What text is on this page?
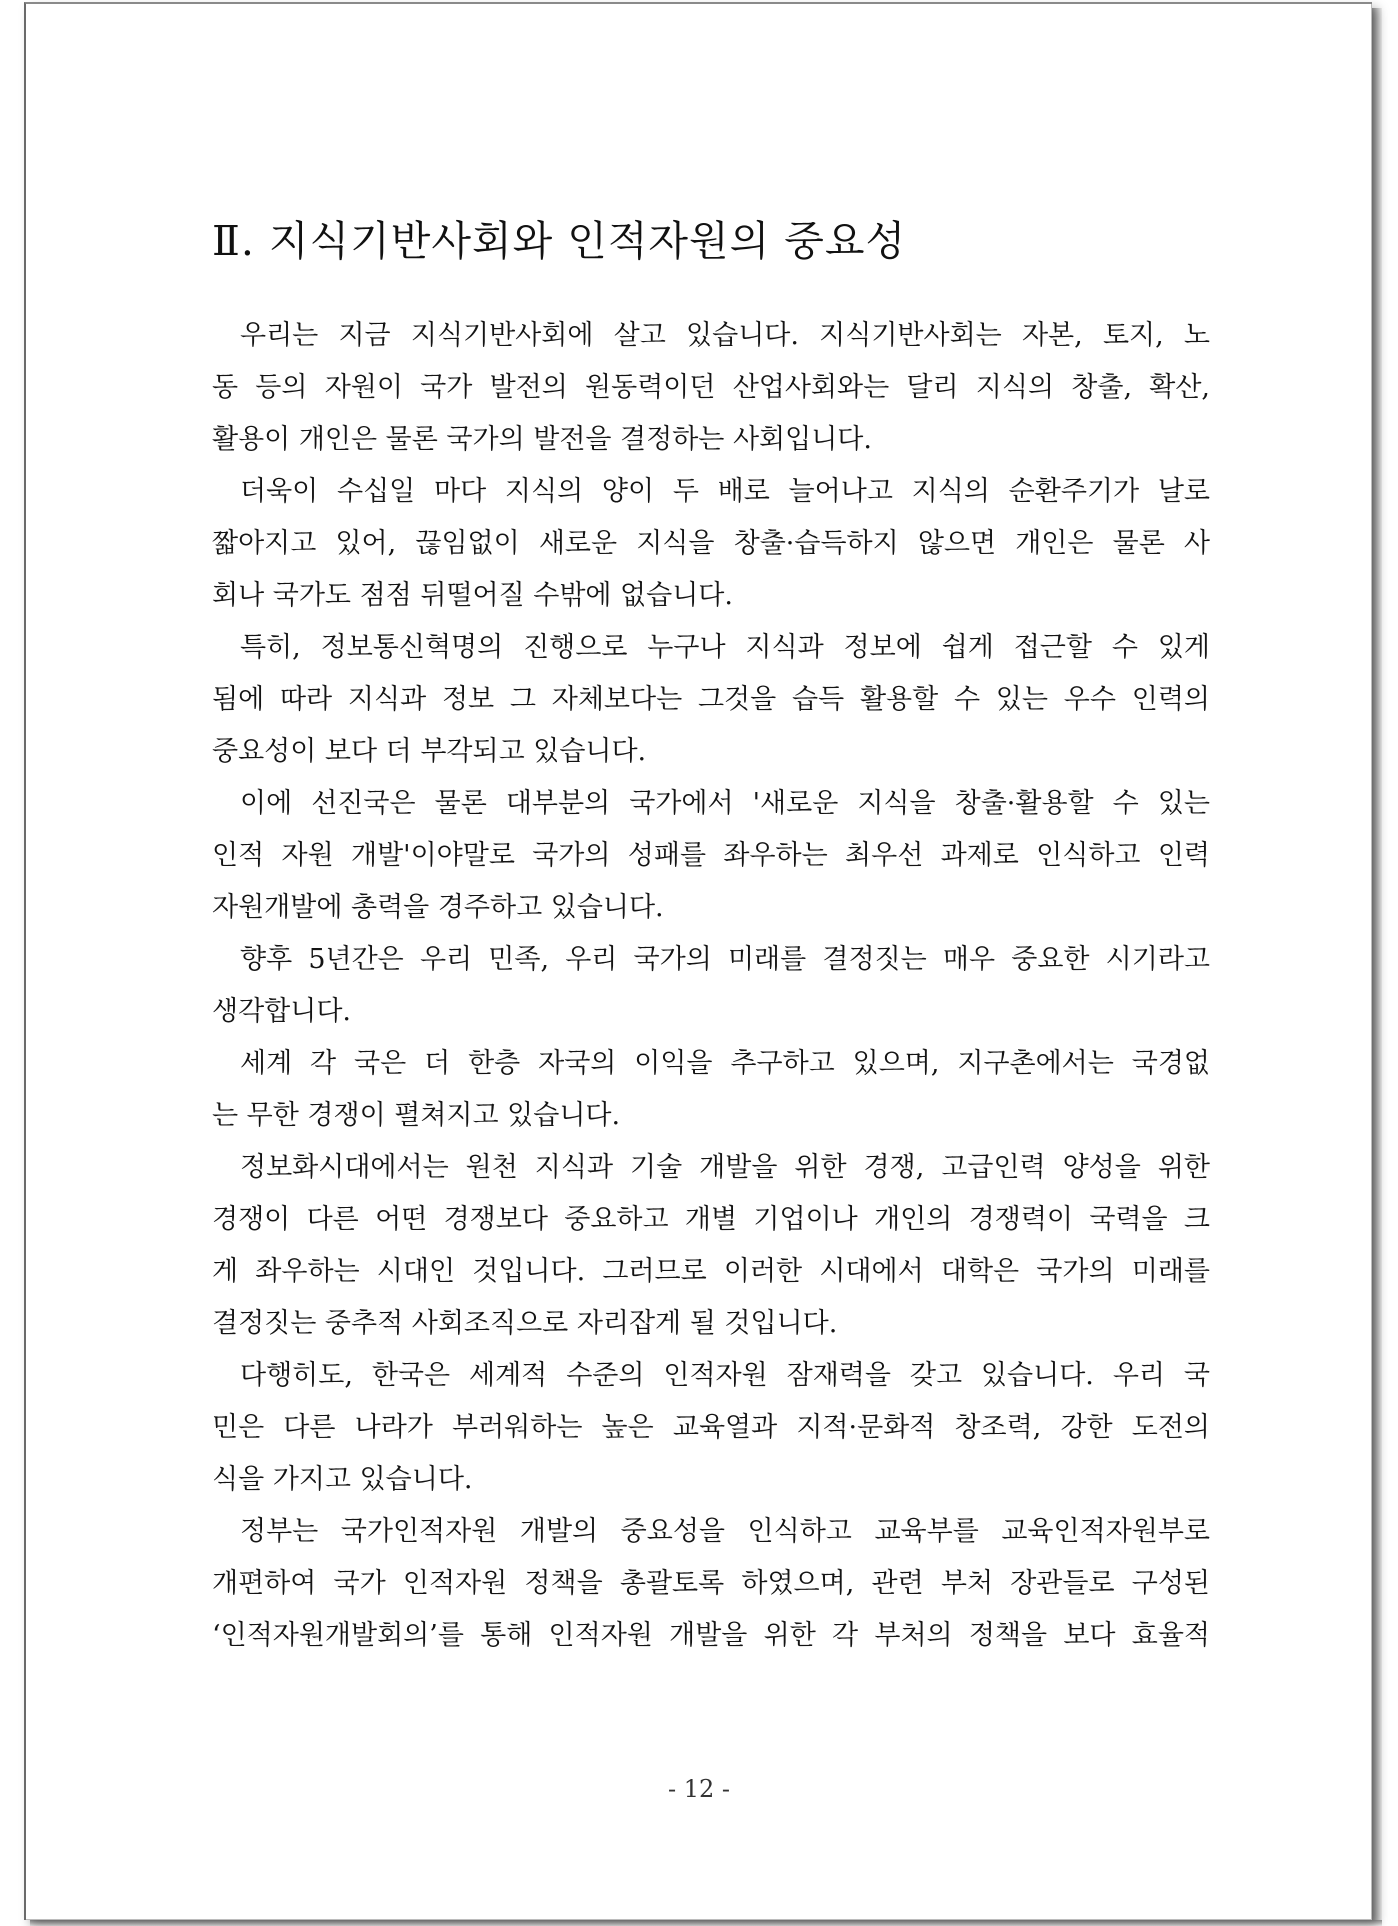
Ⅱ. 지식기반사회와 인적자원의 중요성
우리는 지금 지식기반사회에 살고 있습니다. 지식기반사회는 자본, 토지, 노
동 등의 자원이 국가 발전의 원동력이던 산업사회와는 달리 지식의 창출, 확산,
활용이 개인은 물론 국가의 발전을 결정하는 사회입니다.
더욱이 수십일 마다 지식의 양이 두 배로 늘어나고 지식의 순환주기가 날로
짧아지고 있어, 끊임없이 새로운 지식을 창출·습득하지 않으면 개인은 물론 사
회나 국가도 점점 뒤떨어질 수밖에 없습니다.
특히, 정보통신혁명의 진행으로 누구나 지식과 정보에 쉽게 접근할 수 있게
됨에 따라 지식과 정보 그 자체보다는 그것을 습득 활용할 수 있는 우수 인력의
중요성이 보다 더 부각되고 있습니다.
이에 선진국은 물론 대부분의 국가에서 '새로운 지식을 창출·활용할 수 있는
인적 자원 개발'이야말로 국가의 성패를 좌우하는 최우선 과제로 인식하고 인력
자원개발에 총력을 경주하고 있습니다.
향후 5년간은 우리 민족, 우리 국가의 미래를 결정짓는 매우 중요한 시기라고
생각합니다.
세계 각 국은 더 한층 자국의 이익을 추구하고 있으며, 지구촌에서는 국경없
는 무한 경쟁이 펼쳐지고 있습니다.
정보화시대에서는 원천 지식과 기술 개발을 위한 경쟁, 고급인력 양성을 위한
경쟁이 다른 어떤 경쟁보다 중요하고 개별 기업이나 개인의 경쟁력이 국력을 크
게 좌우하는 시대인 것입니다. 그러므로 이러한 시대에서 대학은 국가의 미래를
결정짓는 중추적 사회조직으로 자리잡게 될 것입니다.
다행히도, 한국은 세계적 수준의 인적자원 잠재력을 갖고 있습니다. 우리 국
민은 다른 나라가 부러워하는 높은 교육열과 지적·문화적 창조력, 강한 도전의
식을 가지고 있습니다.
정부는 국가인적자원 개발의 중요성을 인식하고 교육부를 교육인적자원부로
개편하여 국가 인적자원 정책을 총괄토록 하였으며, 관련 부처 장관들로 구성된
‘인적자원개발회의’를 통해 인적자원 개발을 위한 각 부처의 정책을 보다 효율적
- 12 -
